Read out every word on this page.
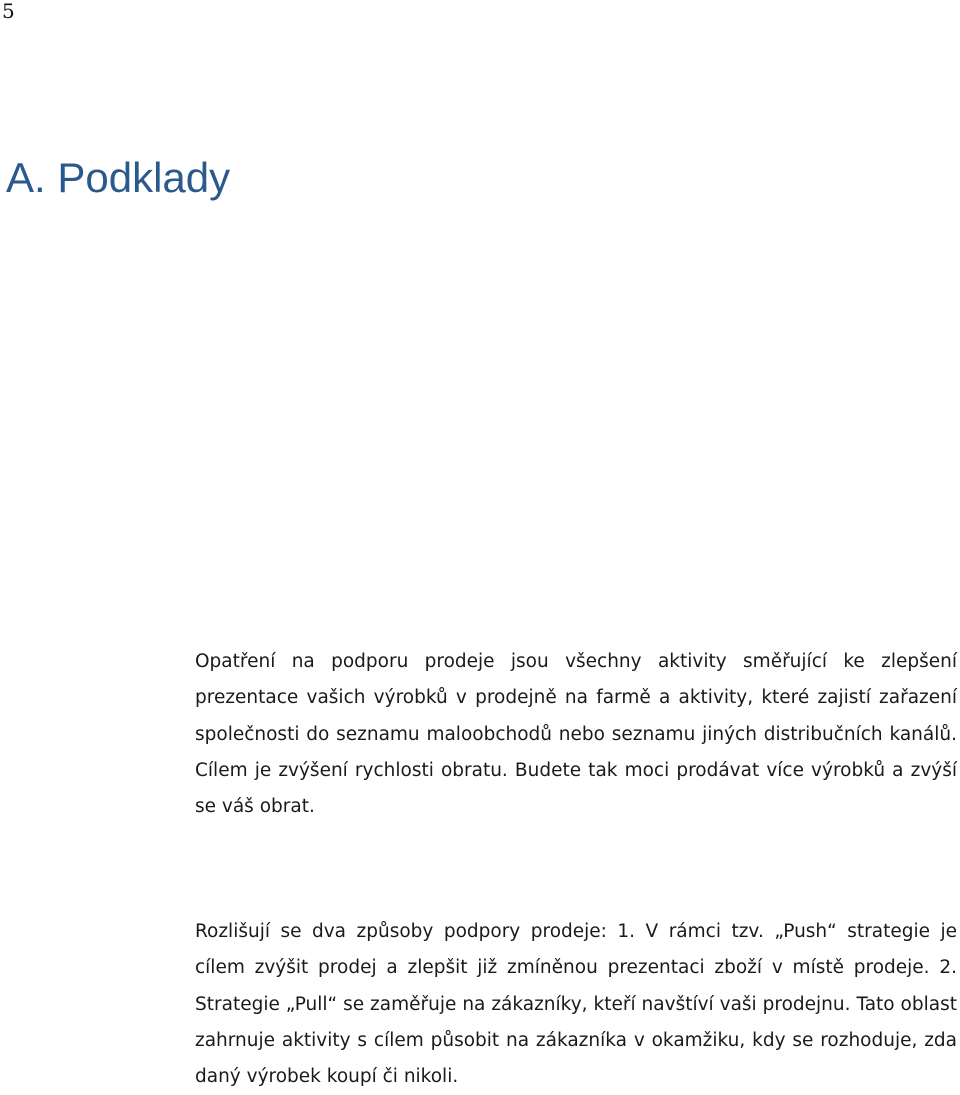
5
A. Podklady

Opatření na podporu prodeje jsou všechny aktivity směřující ke zlepšení prezentace vašich výrobků v prodejně na farmě a aktivity, které zajistí zařazení společnosti do seznamu maloobchodů nebo seznamu jiných distribučních kanálů. Cílem je zvýšení rychlosti obratu. Budete tak moci prodávat více výrobků a zvýší se váš obrat.

Rozlišují se dva způsoby podpory prodeje: 1. V rámci tzv. „Push“ strategie je cílem zvýšit prodej a zlepšit již zmíněnou prezentaci zboží v místě prodeje. 2. Strategie „Pull“ se zaměřuje na zákazníky, kteří navštíví vaši prodejnu. Tato oblast zahrnuje aktivity s cílem působit na zákazníka v okamžiku, kdy se rozhoduje, zda daný výrobek koupí či nikoli.
